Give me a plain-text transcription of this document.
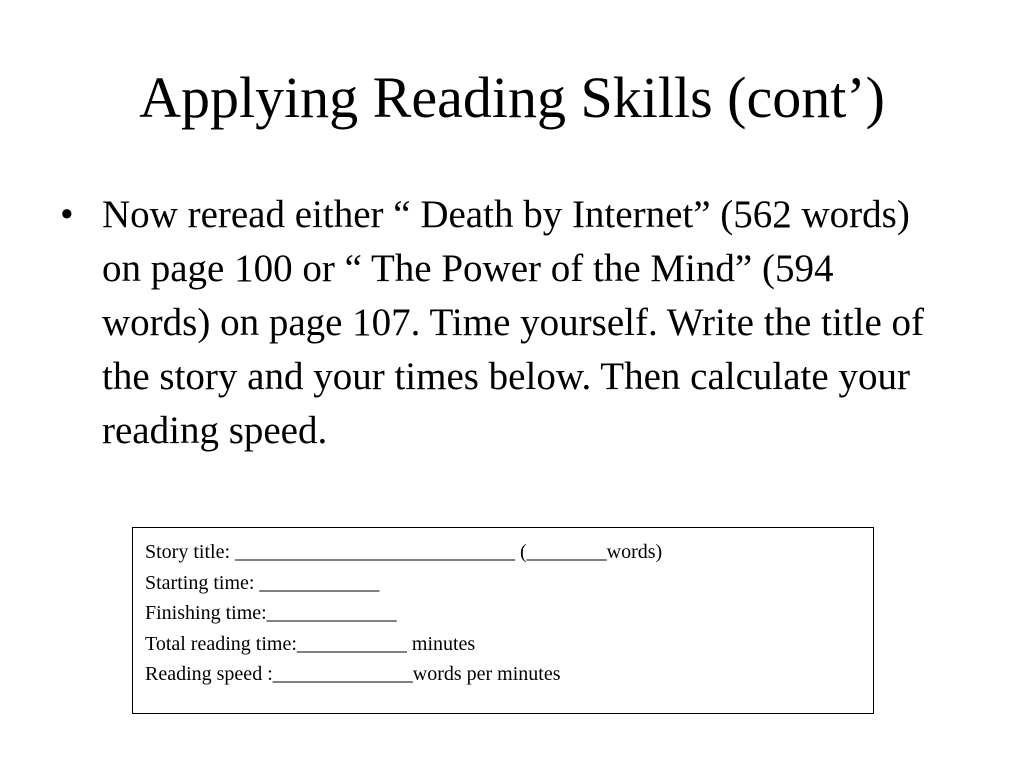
Applying Reading Skills (cont’)
• Now reread either “ Death by Internet” (562 words) on page 100 or “ The Power of the Mind” (594 words) on page 107. Time yourself. Write the title of the story and your times below. Then calculate your reading speed.
Story title: ____________________________ (________words)
Starting time: ____________
Finishing time:_____________
Total reading time:___________ minutes
Reading speed :______________words per minutes
